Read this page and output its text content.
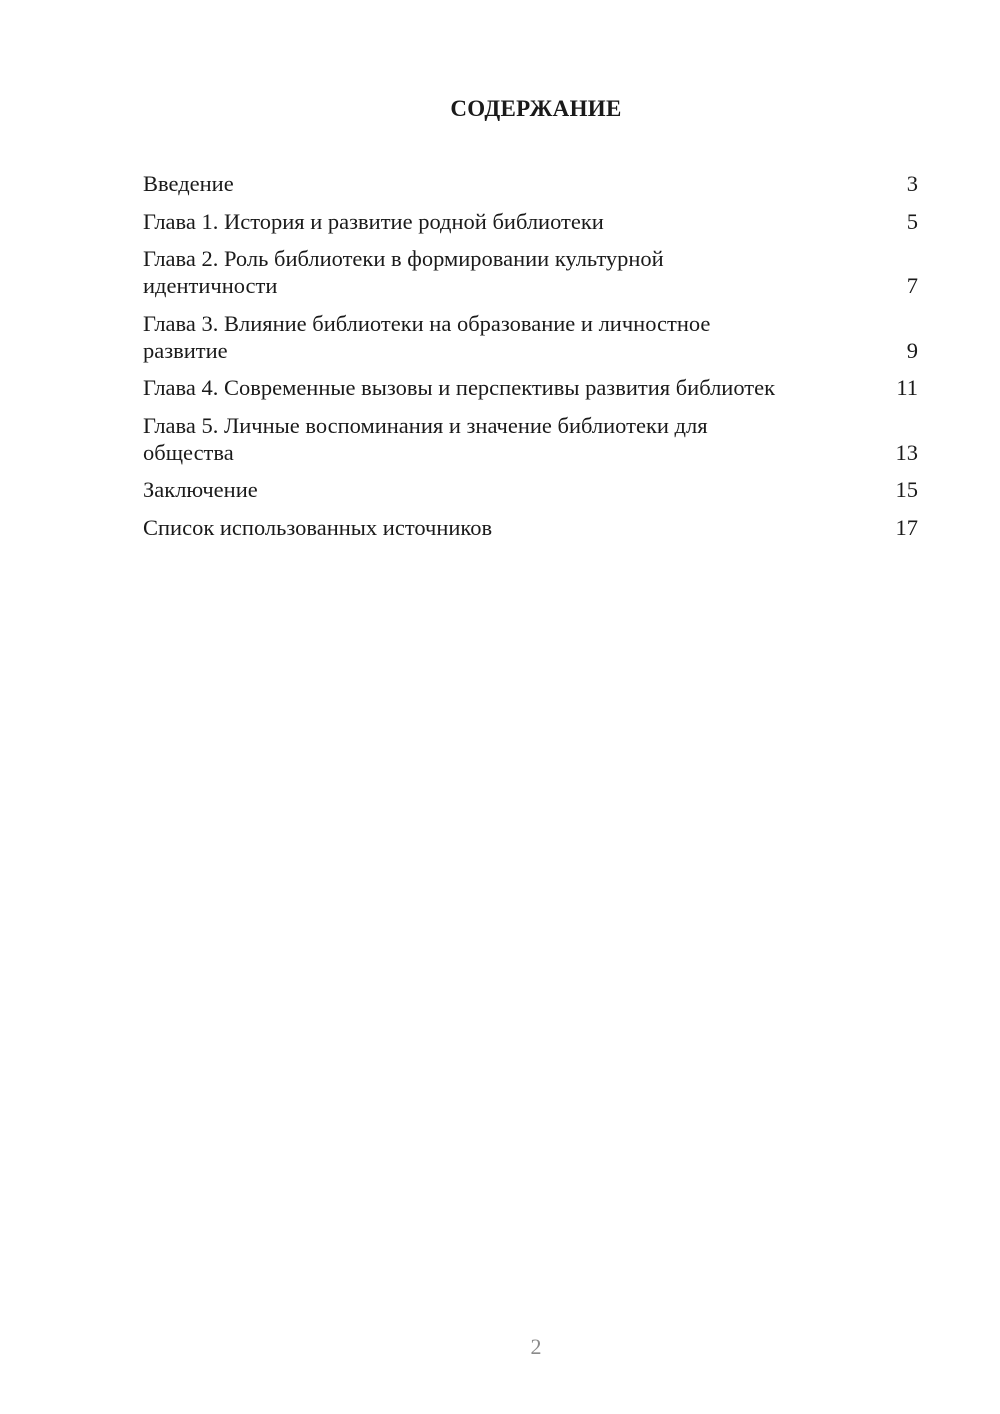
СОДЕРЖАНИЕ
Введение	3
Глава 1. История и развитие родной библиотеки	5
Глава 2. Роль библиотеки в формировании культурной идентичности	7
Глава 3. Влияние библиотеки на образование и личностное развитие	9
Глава 4. Современные вызовы и перспективы развития библиотек	11
Глава 5. Личные воспоминания и значение библиотеки для общества	13
Заключение	15
Список использованных источников	17
2
